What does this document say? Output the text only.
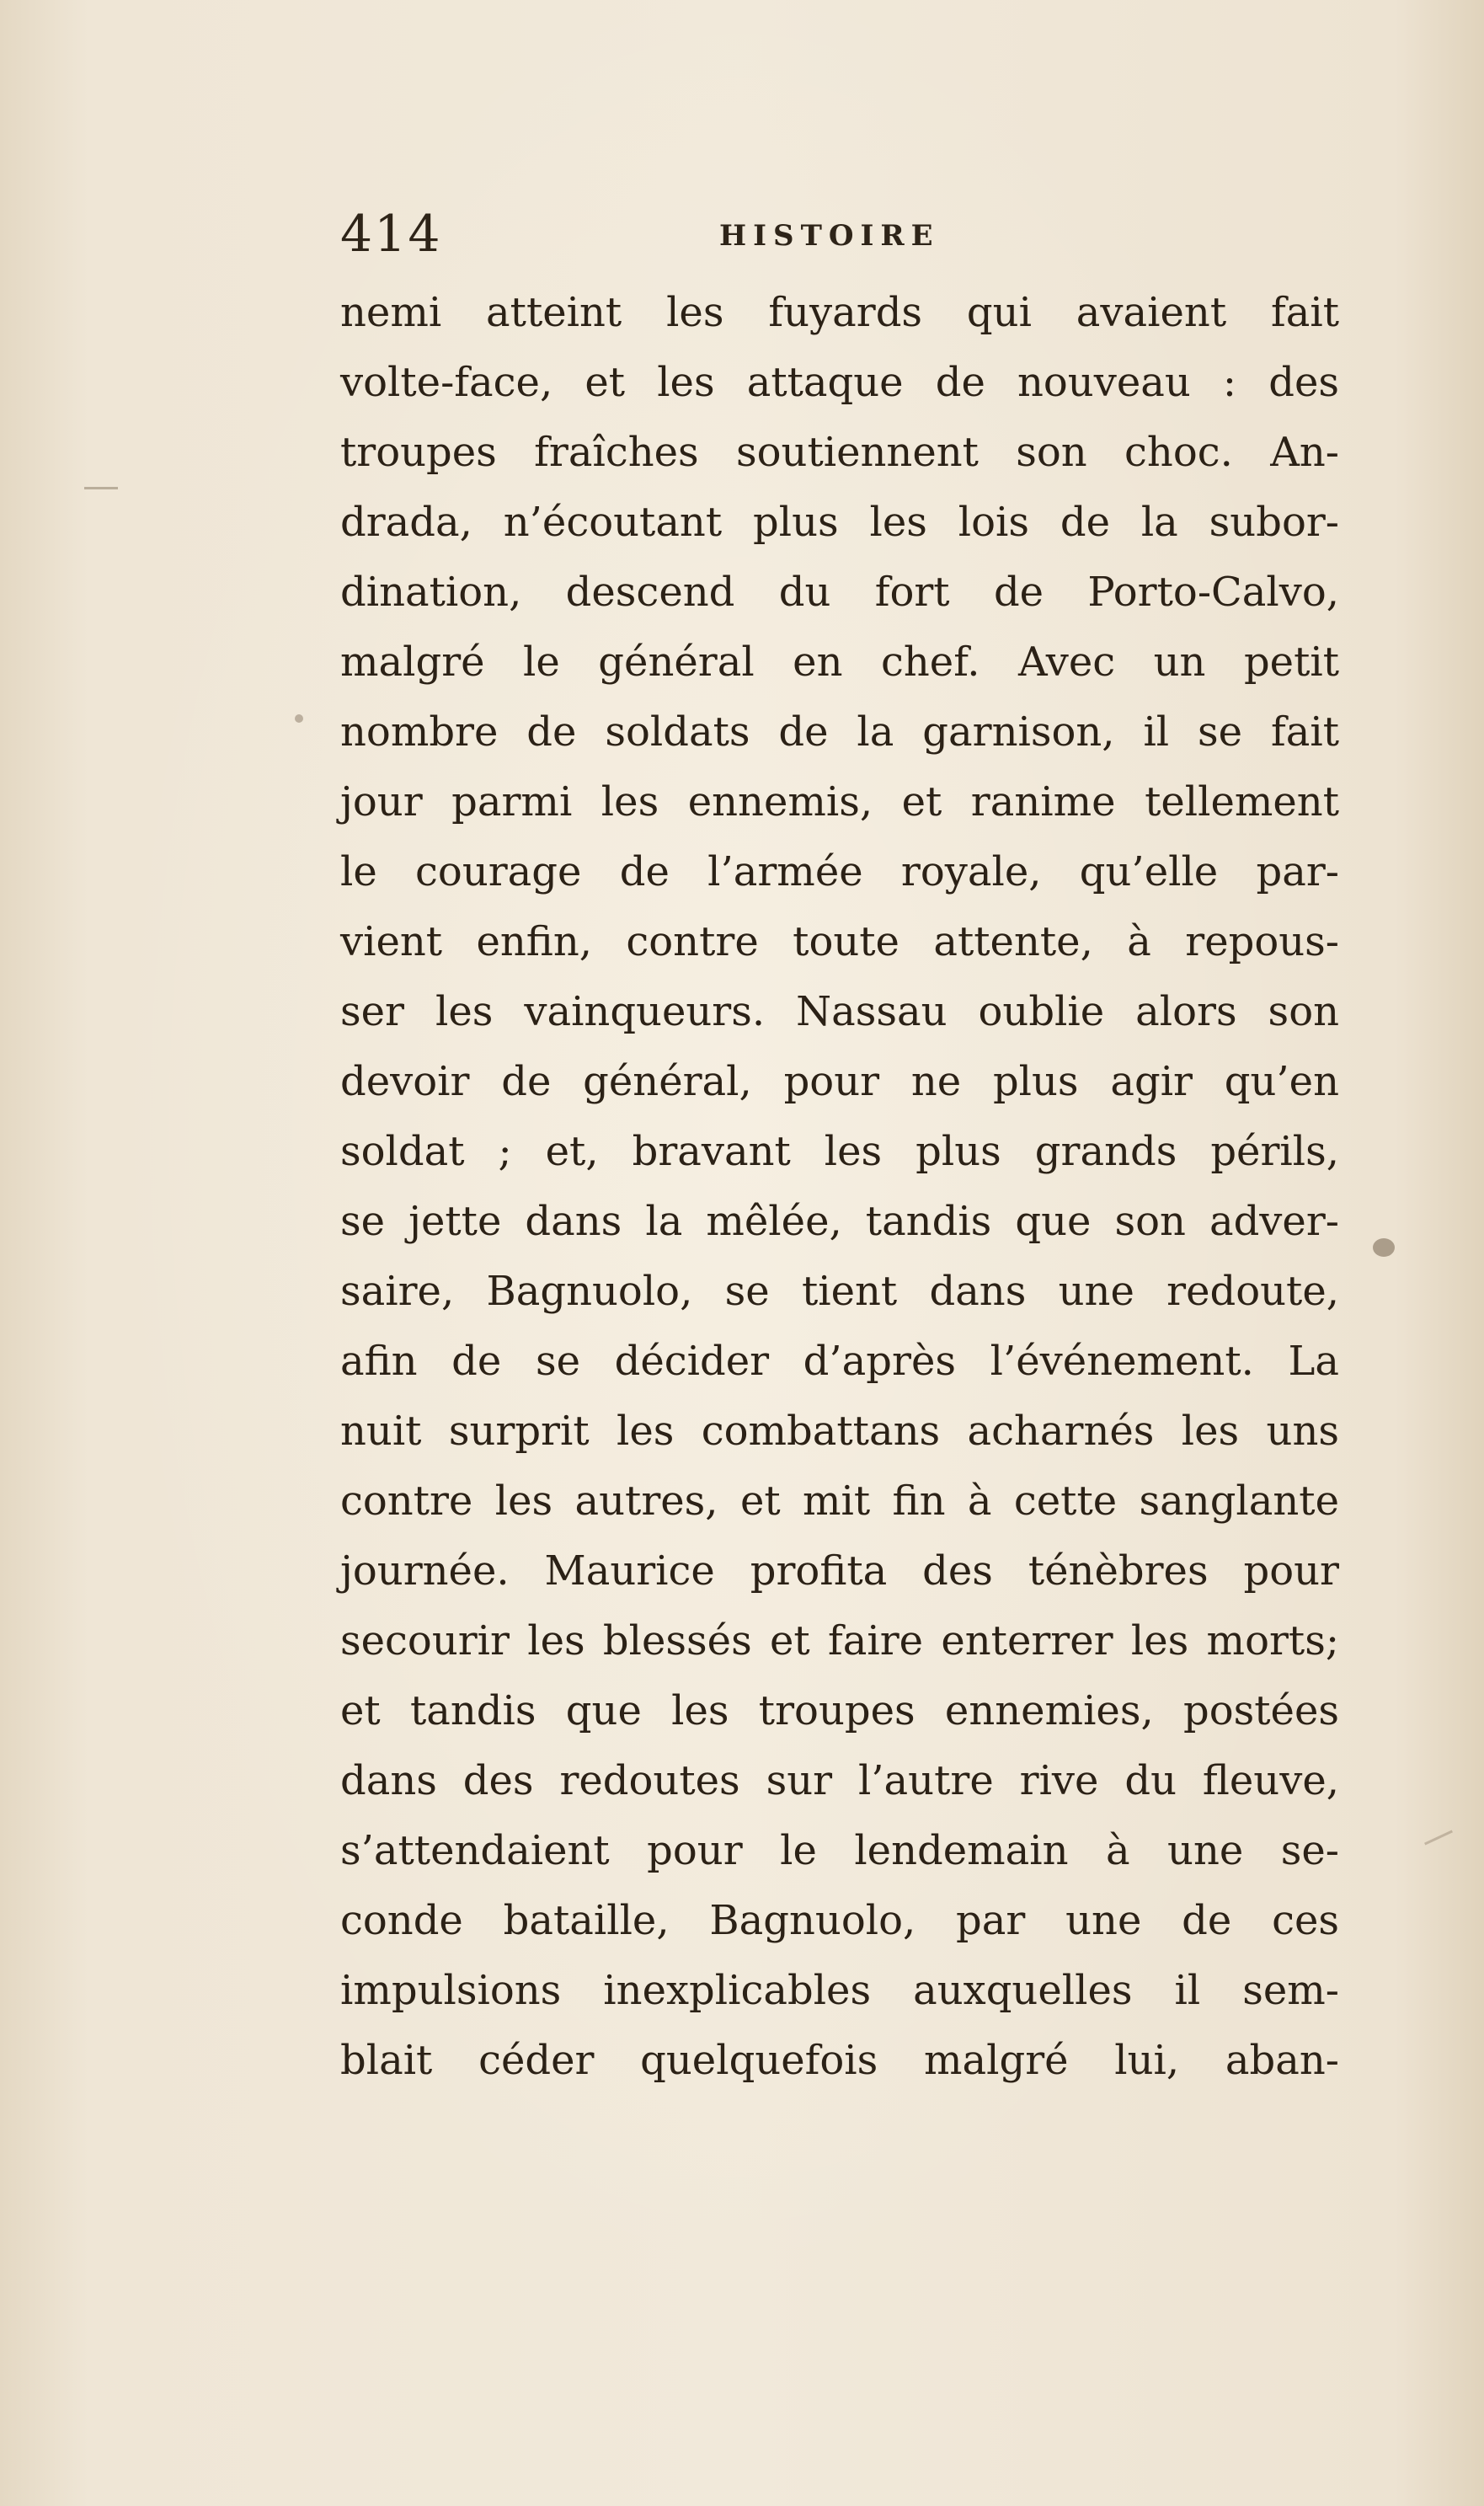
414	HISTOIRE
nemi atteint les fuyards qui avaient fait
volte-face, et les attaque de nouveau : des
troupes fraîches soutiennent son choc. An-
drada, n’écoutant plus les lois de la subor-
dination, descend du fort de Porto-Calvo,
malgré le général en chef. Avec un petit
nombre de soldats de la garnison, il se fait
jour parmi les ennemis, et ranime tellement
le courage de l’armée royale, qu’elle par-
vient enfin, contre toute attente, à repous-
ser les vainqueurs. Nassau oublie alors son
devoir de général, pour ne plus agir qu’en
soldat ; et, bravant les plus grands périls,
se jette dans la mêlée, tandis que son adver-
saire, Bagnuolo, se tient dans une redoute,
afin de se décider d’après l’événement. La
nuit surprit les combattans acharnés les uns
contre les autres, et mit fin à cette sanglante
journée. Maurice profita des ténèbres pour
secourir les blessés et faire enterrer les morts;
et tandis que les troupes ennemies, postées
dans des redoutes sur l’autre rive du fleuve,
s’attendaient pour le lendemain à une se-
conde bataille, Bagnuolo, par une de ces
impulsions inexplicables auxquelles il sem-
blait céder quelquefois malgré lui, aban-
